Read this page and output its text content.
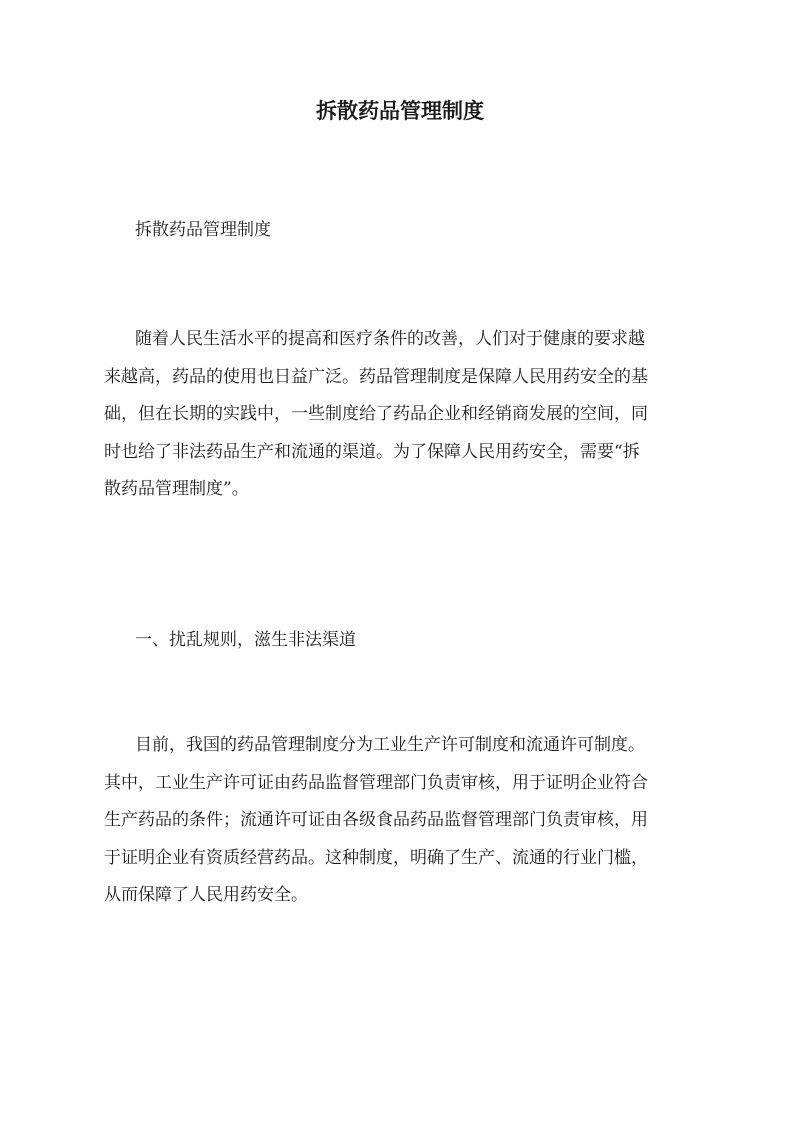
拆散药品管理制度

拆散药品管理制度

随着人民生活水平的提高和医疗条件的改善，人们对于健康的要求越
来越高，药品的使用也日益广泛。药品管理制度是保障人民用药安全的基
础，但在长期的实践中，一些制度给了药品企业和经销商发展的空间，同
时也给了非法药品生产和流通的渠道。为了保障人民用药安全，需要“拆
散药品管理制度”。

一、扰乱规则，滋生非法渠道

目前，我国的药品管理制度分为工业生产许可制度和流通许可制度。
其中，工业生产许可证由药品监督管理部门负责审核，用于证明企业符合
生产药品的条件；流通许可证由各级食品药品监督管理部门负责审核，用
于证明企业有资质经营药品。这种制度，明确了生产、流通的行业门槛，
从而保障了人民用药安全。
